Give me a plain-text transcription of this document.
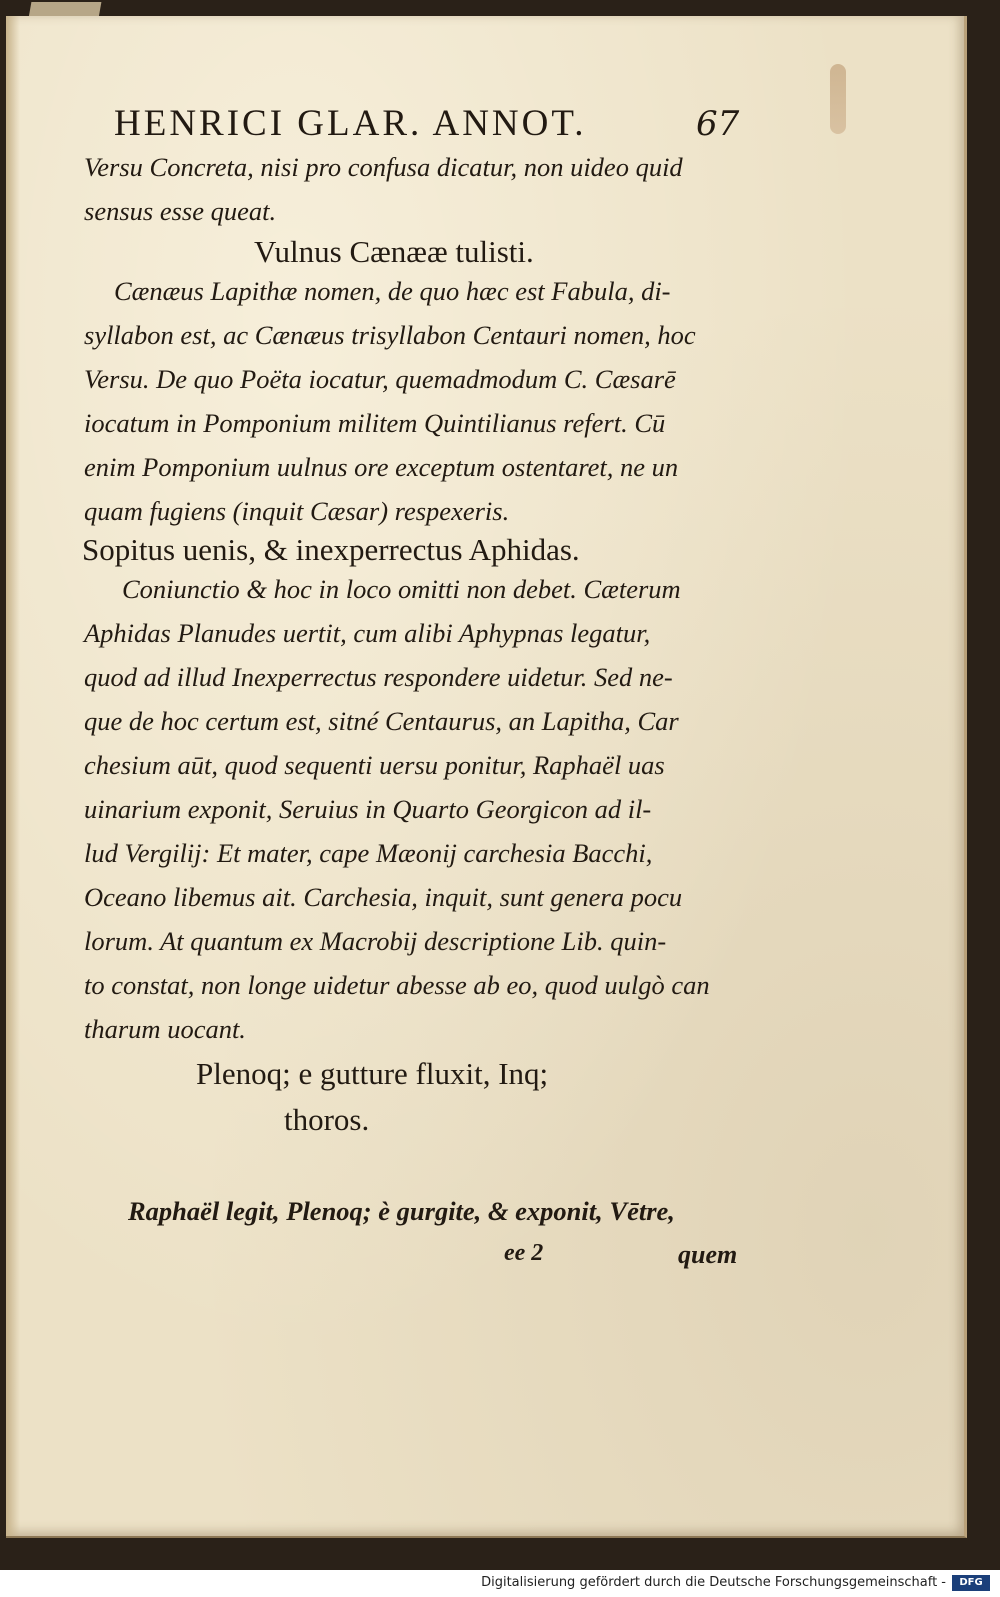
HENRICI GLAR. ANNOT.	67
Versu Concreta, nisi pro confusa dicatur, non uideo quid
sensus esse queat.
Vulnus Cænææ tulisti.
Cænæus Lapithæ nomen, de quo hæc est Fabula, di-
syllabon est, ac Cænæus trisyllabon Centauri nomen, hoc
Versu. De quo Poëta iocatur, quemadmodum C. Cæsarē
iocatum in Pomponium militem Quintilianus refert. Cū
enim Pomponium uulnus ore exceptum ostentaret, ne un
quam fugiens (inquit Cæsar) respexeris.
Sopitus uenis, & inexperrectus Aphidas.
Coniunctio & hoc in loco omitti non debet. Cæterum
Aphidas Planudes uertit, cum alibi Aphypnas legatur,
quod ad illud Inexperrectus respondere uidetur. Sed ne-
que de hoc certum est, sitné Centaurus, an Lapitha, Car
chesium aūt, quod sequenti uersu ponitur, Raphaël uas
uinarium exponit, Seruius in Quarto Georgicon ad il-
lud Vergilij: Et mater, cape Mæonij carchesia Bacchi,
Oceano libemus ait. Carchesia, inquit, sunt genera pocu
lorum. At quantum ex Macrobij descriptione Lib. quin-
to constat, non longe uidetur abesse ab eo, quod uulgò can
tharum uocant.
Plenoq; e gutture fluxit, Inq;
thoros.
Raphaël legit, Plenoq; è gurgite, & exponit, Vētre,
ee 2	quem
Digitalisierung gefördert durch die Deutsche Forschungsgemeinschaft -	DFG
